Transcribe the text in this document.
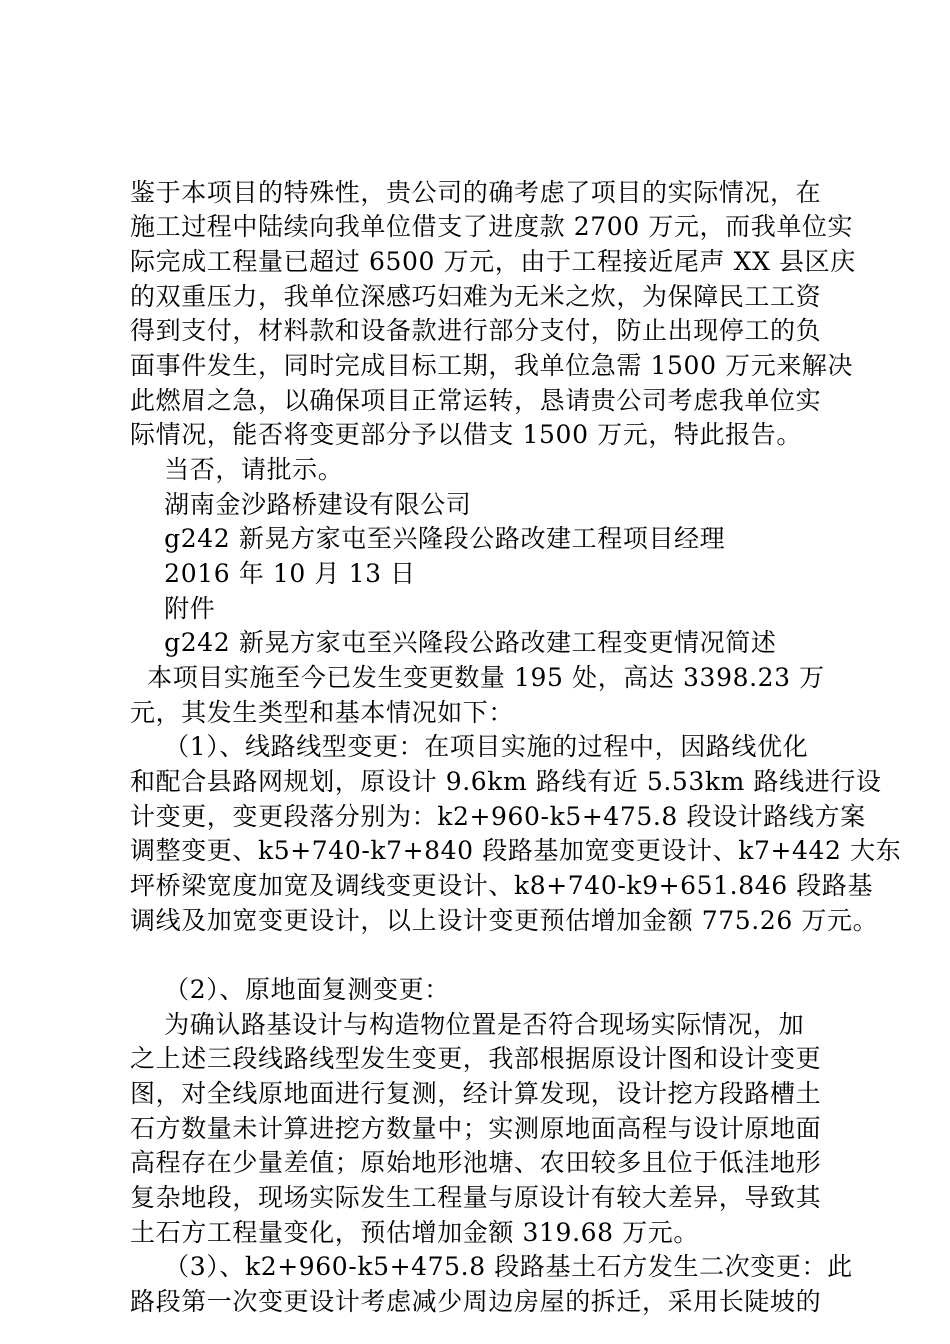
鉴于本项目的特殊性，贵公司的确考虑了项目的实际情况，在
施工过程中陆续向我单位借支了进度款 2700 万元，而我单位实
际完成工程量已超过 6500 万元，由于工程接近尾声 XX 县区庆
的双重压力，我单位深感巧妇难为无米之炊，为保障民工工资
得到支付，材料款和设备款进行部分支付，防止出现停工的负
面事件发生，同时完成目标工期，我单位急需 1500 万元来解决
此燃眉之急，以确保项目正常运转，恳请贵公司考虑我单位实
际情况，能否将变更部分予以借支 1500 万元，特此报告。
当否，请批示。
湖南金沙路桥建设有限公司
g242 新晃方家屯至兴隆段公路改建工程项目经理
2016 年 10 月 13 日
附件
g242 新晃方家屯至兴隆段公路改建工程变更情况简述
本项目实施至今已发生变更数量 195 处，高达 3398.23 万
元，其发生类型和基本情况如下：
（1）、线路线型变更：在项目实施的过程中，因路线优化
和配合县路网规划，原设计 9.6km 路线有近 5.53km 路线进行设
计变更，变更段落分别为：k2+960-k5+475.8 段设计路线方案
调整变更、k5+740-k7+840 段路基加宽变更设计、k7+442 大东
坪桥梁宽度加宽及调线变更设计、k8+740-k9+651.846 段路基
调线及加宽变更设计，以上设计变更预估增加金额 775.26 万元。
（2）、原地面复测变更：
为确认路基设计与构造物位置是否符合现场实际情况，加
之上述三段线路线型发生变更，我部根据原设计图和设计变更
图，对全线原地面进行复测，经计算发现，设计挖方段路槽土
石方数量未计算进挖方数量中；实测原地面高程与设计原地面
高程存在少量差值；原始地形池塘、农田较多且位于低洼地形
复杂地段，现场实际发生工程量与原设计有较大差异，导致其
土石方工程量变化，预估增加金额 319.68 万元。
（3）、k2+960-k5+475.8 段路基土石方发生二次变更：此
路段第一次变更设计考虑减少周边房屋的拆迁，采用长陡坡的
